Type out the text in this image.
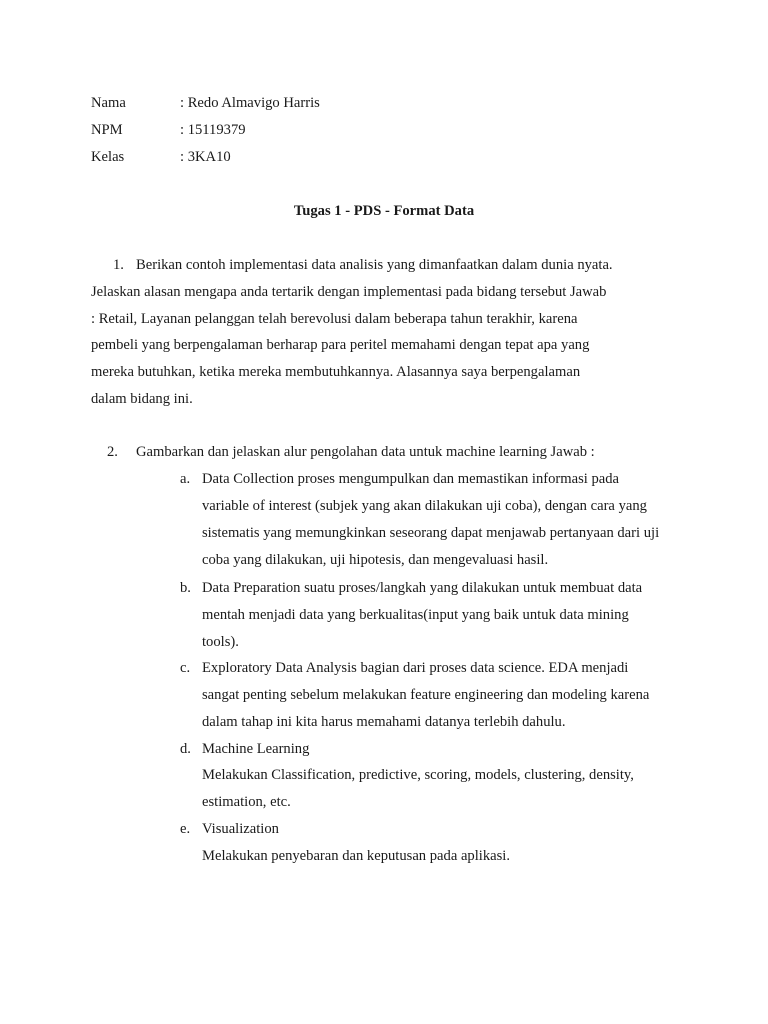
Nama	: Redo Almavigo Harris
NPM	: 15119379
Kelas	: 3KA10
Tugas 1 - PDS - Format Data
1. Berikan contoh implementasi data analisis yang dimanfaatkan dalam dunia nyata.
Jelaskan alasan mengapa anda tertarik dengan implementasi pada bidang tersebut Jawab
: Retail, Layanan pelanggan telah berevolusi dalam beberapa tahun terakhir, karena
pembeli yang berpengalaman berharap para peritel memahami dengan tepat apa yang
mereka butuhkan, ketika mereka membutuhkannya. Alasannya saya berpengalaman
dalam bidang ini.
2. Gambarkan dan jelaskan alur pengolahan data untuk machine learning Jawab :
a. Data Collection proses mengumpulkan dan memastikan informasi pada
variable of interest (subjek yang akan dilakukan uji coba), dengan cara yang
sistematis yang memungkinkan seseorang dapat menjawab pertanyaan dari uji
coba yang dilakukan, uji hipotesis, dan mengevaluasi hasil.
b. Data Preparation suatu proses/langkah yang dilakukan untuk membuat data
mentah menjadi data yang berkualitas(input yang baik untuk data mining
tools).
c. Exploratory Data Analysis bagian dari proses data science. EDA menjadi
sangat penting sebelum melakukan feature engineering dan modeling karena
dalam tahap ini kita harus memahami datanya terlebih dahulu.
d. Machine Learning
Melakukan Classification, predictive, scoring, models, clustering, density,
estimation, etc.
e. Visualization
Melakukan penyebaran dan keputusan pada aplikasi.
